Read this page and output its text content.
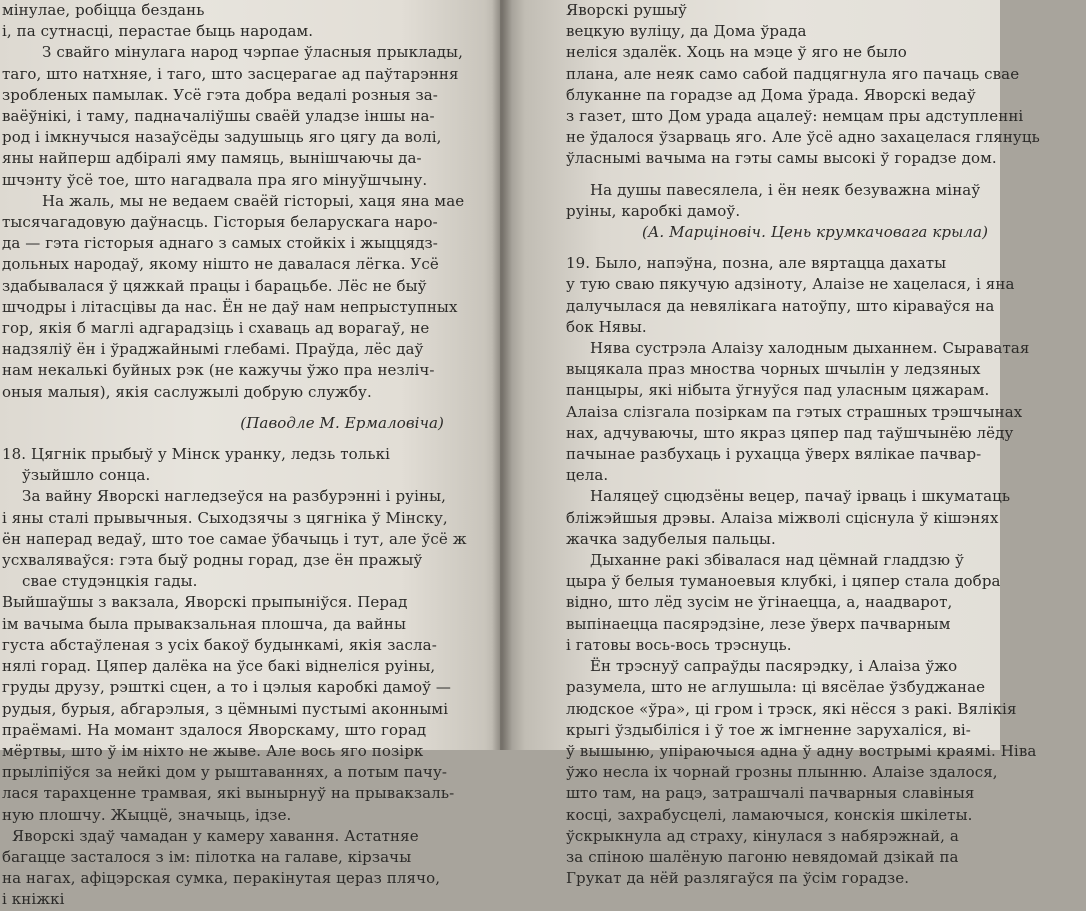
мінулае, робіцца бездань
і, па сутнасці, перастае быць народам.
З свайго мінулага народ чэрпае ўласныя прыклады,
таго, што натхняе, і таго, што засцерагае ад паўтарэння
зробленых памылак. Усё гэта добра ведалі розныя за-
ваёўнікі, і таму, падначаліўшы сваёй уладзе іншы на-
род і імкнучыся назаўсёды задушыць яго цягу да волі,
яны найперш адбіралі яму памяць, вынішчаючы да-
шчэнту ўсё тое, што нагадвала пра яго мінуўшчыну.
На жаль, мы не ведаем сваёй гісторыі, хаця яна мае
тысячагадовую даўнасць. Гісторыя беларускага наро-
да — гэта гісторыя аднаго з самых стойкіх і жыццядз-
дольных народаў, якому нішто не давалася лёгка. Усё
здабывалася ў цяжкай працы і барацьбе. Лёс не быў
шчодры і літасцівы да нас. Ён не даў нам непрыступных
гор, якія б маглі адгарадзіць і схаваць ад ворагаў, не
надзяліў ён і ўраджайнымі глебамі. Праўда, лёс даў
нам некалькі буйных рэк (не кажучы ўжо пра незліч-
оныя малыя), якія саслужылі добрую службу.
(Паводле М. Ермаловіча)
18. Цягнік прыбыў у Мінск уранку, ледзь толькі
ўзыйшло сонца.
За вайну Яворскі нагледзеўся на разбурэнні і руіны,
і яны сталі прывычныя. Сыходзячы з цягніка ў Мінску,
ён наперад ведаў, што тое самае ўбачыць і тут, але ўсё ж
усхваляваўся: гэта быў родны горад, дзе ён пражыў
свае студэнцкія гады.
Выйшаўшы з вакзала, Яворскі прыпыніўся. Перад
ім вачыма была прывакзальная плошча, да вайны
густа абстаўленая з усіх бакоў будынкамі, якія засла-
нялі горад. Цяпер далёка на ўсе бакі віднеліся руіны,
груды друзу, рэшткі сцен, а то і цэлыя каробкі дамоў —
рудыя, бурыя, абгарэлыя, з цёмнымі пустымі аконнымі
праёмамі. На момант здалося Яворскаму, што горад
мёртвы, што ў ім ніхто не жыве. Але вось ягo позірк
прыліпіўся за нейкі дом у рыштаваннях, а потым пачу-
лася тарахценне трамвая, які вынырнуў на прывакзаль-
ную плошчу. Жыццё, значыць, ідзе.
Яворскі здаў чамадан у камеру хавання. Астатняе
багацце засталося з ім: пілотка на галаве, кірзачы
на нагах, афіцэрская сумка, перакінутая цераз плячо,
і кніжкі
Яворскі рушыў
вецкую вуліцу, да Дома ўрада
неліся здалёк. Хоць на мэце ў яго не было
плана, але неяк само сабой падцягнула яго пачаць свае
блуканне па горадзе ад Дома ўрада. Яворскі ведаў
з газет, што Дом урада ацалеў: немцам пры адступленні
не ўдалося ўзарваць яго. Але ўсё адно захацелася глянуць
ўласнымі вачыма на гэты самы высокі ў горадзе дом.
На душы павесялела, і ён неяк безуважна мінаў
руіны, каробкі дамоў.
(А. Марціновіч. Цень крумкачовага крыла)
19. Было, напэўна, позна, але вяртацца дахаты
у тую сваю пякучую адзіноту, Алаізе не хацелася, і яна
далучылася да невялікага натоўпу, што кіраваўся на
бок Нявы.
Нява сустрэла Алаізу халодным дыханнем. Сыраватая
выцякала праз мноства чорных шчылін у ледзяных
панцыры, які нібыта ўгнуўся пад уласным цяжарам.
Алаіза слізгала позіркам па гэтых страшных трэшчынах
нах, адчуваючы, што якраз цяпер пад таўшчынёю лёду
пачынае разбухаць і рухацца ўверх вялікае пачвар-
цела.
Наляцеў сцюдзёны вецер, пачаў ірваць і шкуматаць
бліжэйшыя дрэвы. Алаіза міжволі сціснула ў кішэнях
жачка задубелыя пальцы.
Дыханне ракі збівалася над цёмнай гладдзю ў
цыра ў белыя туманоевыя клубкі, і цяпер стала добра
відно, што лёд зусім не ўгінаецца, а, наадварот,
выпінаецца пасярэдзіне, лезе ўверх пачварным
і гатовы вось-вось трэснуць.
Ён трэснуў сапраўды пасярэдку, і Алаіза ўжо
разумела, што не аглушыла: ці вясёлае ўзбуджанае
людское «ўра», ці гром і трэск, які нёсся з ракі. Вялікія
крыгі ўздыбіліся і ў тое ж імгненне зарухаліся, ві-
ў вышыню, упіраючыся адна ў адну вострымі краямі. Ніва
ўжо несла іх чорнай грозны плынню. Алаізе здалося,
што там, на рацэ, затрашчалі пачварныя славіныя
косці, захрабусцелі, ламаючыся, конскія шкілеты.
ўскрыкнула ад страху, кінулася з набярэжнай, а
за спіною шалёную пагоню невядомай дзікай па
Грукат да нёй разлягаўся па ўсім горадзе.
